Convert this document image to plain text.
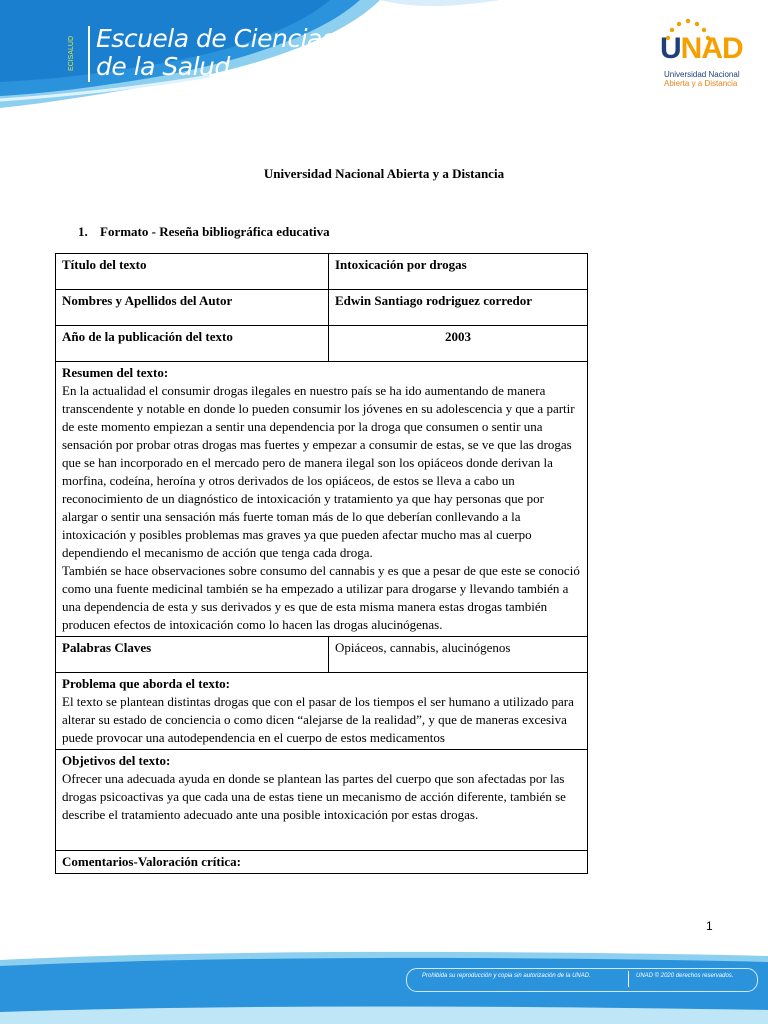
ECISALUD Escuela de Ciencias
de la Salud
UNAD
Universidad Nacional
Abierta y a Distancia
Universidad Nacional Abierta y a Distancia
1. Formato - Reseña bibliográfica educativa
Título del texto	Intoxicación por drogas
Nombres y Apellidos del Autor	Edwin Santiago rodriguez corredor
Año de la publicación del texto	2003

Resumen del texto:
En la actualidad el consumir drogas ilegales en nuestro país se ha ido aumentando de manera transcendente y notable en donde lo pueden consumir los jóvenes en su adolescencia y que a partir de este momento empiezan a sentir una dependencia por la droga que consumen o sentir una sensación por probar otras drogas mas fuertes y empezar a consumir de estas, se ve que las drogas que se han incorporado en el mercado pero de manera ilegal son los opiáceos donde derivan la morfina, codeína, heroína y otros derivados de los opiáceos, de estos se lleva a cabo un reconocimiento de un diagnóstico de intoxicación y tratamiento ya que hay personas que por alargar o sentir una sensación más fuerte toman más de lo que deberían conllevando a la intoxicación y posibles problemas mas graves ya que pueden afectar mucho mas al cuerpo dependiendo el mecanismo de acción que tenga cada droga.
También se hace observaciones sobre consumo del cannabis y es que a pesar de que este se conoció como una fuente medicinal también se ha empezado a utilizar para drogarse y llevando también a una dependencia de esta y sus derivados y es que de esta misma manera estas drogas también producen efectos de intoxicación como lo hacen las drogas alucinógenas.	

Palabras Claves	Opiáceos, cannabis, alucinógenos

Problema que aborda el texto:
El texto se plantean distintas drogas que con el pasar de los tiempos el ser humano a utilizado para alterar su estado de conciencia o como dicen “alejarse de la realidad”, y que de maneras excesiva puede provocar una autodependencia en el cuerpo de estos medicamentos	

Objetivos del texto:
Ofrecer una adecuada ayuda en donde se plantean las partes del cuerpo que son afectadas por las drogas psicoactivas ya que cada una de estas tiene un mecanismo de acción diferente, también se describe el tratamiento adecuado ante una posible intoxicación por estas drogas.	

Comentarios-Valoración crítica:	
1
Prohibida su reproducción y copia sin autorización de la UNAD.	UNAD © 2020 derechos reservados.
